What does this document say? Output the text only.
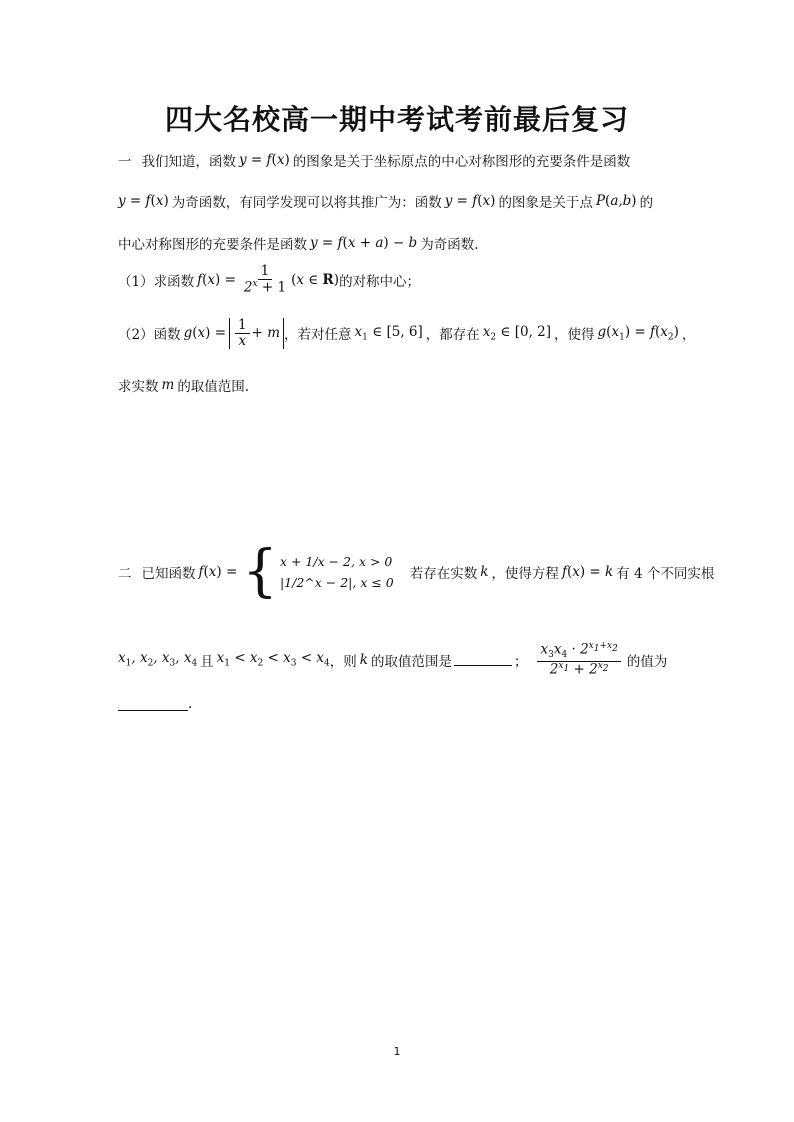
四大名校高一期中考试考前最后复习
一 我们知道，函数 y = f(x) 的图象是关于坐标原点的中心对称图形的充要条件是函数
y = f(x) 为奇函数，有同学发现可以将其推广为：函数 y = f(x) 的图象是关于点 P(a,b) 的
中心对称图形的充要条件是函数 y = f(x + a) − b 为奇函数.
（1）求函数 $f(x) = \frac{1}{2^x + 1} (x$ ∈ R) 的对称中心；
（2）函数 $g(x) = \frac{1}{x} + m$ ，若对任意 $x_1$ ∈ [5, 6] ，都存在 $x_2$ ∈ [0, 2] ，使得 $g(x_1) = f(x_2)$ ，
求实数 m 的取值范围.
二 已知函数 f(x) = { x + 1/x − 2, x > 0
|1/2^x − 2|, x ≤ 0
若存在实数 k ，使得方程 f(x) = k 有 4 个不同实根
$x_1$, $x_2$, $x_3$, $x_4$ 且 $x_1 < x_2 < x_3 < x_4$ ，则 k 的取值范围是	； $\frac{x_3x_4 \cdot 2^{x_1+x_2}}{2^{x_1} + 2^{x_2}}$ 的值为
.
1
